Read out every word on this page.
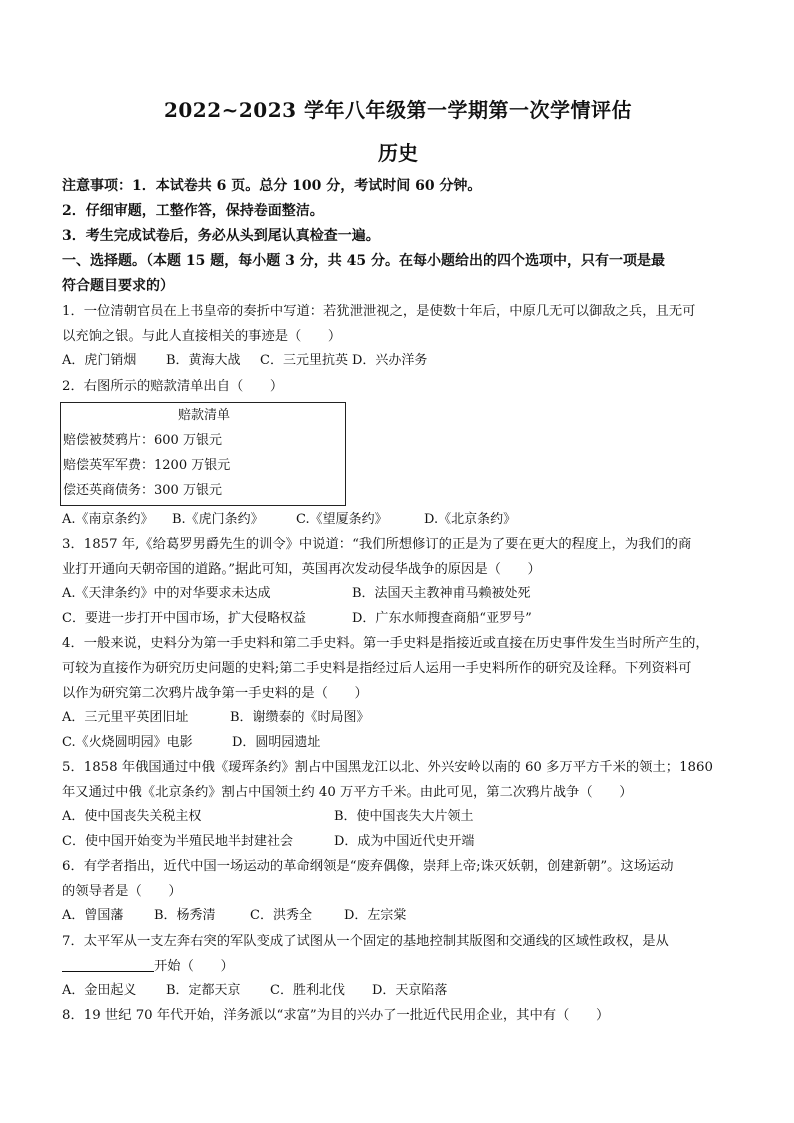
2022~2023 学年八年级第一学期第一次学情评估
历史
注意事项：1．本试卷共 6 页。总分 100 分，考试时间 60 分钟。
2．仔细审题，工整作答，保持卷面整洁。
3．考生完成试卷后，务必从头到尾认真检查一遍。
一、选择题。（本题 15 题，每小题 3 分，共 45 分。在每小题给出的四个选项中，只有一项是最
符合题目要求的）
1．一位清朝官员在上书皇帝的奏折中写道：若犹泄泄视之，是使数十年后，中原几无可以御敌之兵，且无可
以充饷之银。与此人直接相关的事迹是（　　）
A．虎门销烟	B．黄海大战	C．三元里抗英 D．兴办洋务
2．右图所示的赔款清单出自（　　）
赔款清单
赔偿被焚鸦片：600 万银元
赔偿英军军费：1200 万银元
偿还英商债务：300 万银元
A.《南京条约》	B.《虎门条约》	C.《望厦条约》	D.《北京条约》
3．1857 年,《给葛罗男爵先生的训令》中说道：“我们所想修订的正是为了要在更大的程度上，为我们的商
业打开通向天朝帝国的道路。”据此可知，英国再次发动侵华战争的原因是（　　）
A.《天津条约》中的对华要求未达成	B．法国天主教神甫马赖被处死
C．要进一步打开中国市场，扩大侵略权益	D．广东水师搜查商船“亚罗号”
4．一般来说，史料分为第一手史料和第二手史料。第一手史料是指接近或直接在历史事件发生当时所产生的，
可较为直接作为研究历史问题的史料;第二手史料是指经过后人运用一手史料所作的研究及诠释。下列资料可
以作为研究第二次鸦片战争第一手史料的是（　　）
A．三元里平英团旧址	B．谢缵泰的《时局图》
C.《火烧圆明园》电影	D．圆明园遗址
5．1858 年俄国通过中俄《瑷珲条约》割占中国黑龙江以北、外兴安岭以南的 60 多万平方千米的领土；1860
年又通过中俄《北京条约》割占中国领土约 40 万平方千米。由此可见，第二次鸦片战争（　　）
A．使中国丧失关税主权	B．使中国丧失大片领土
C．使中国开始变为半殖民地半封建社会	D．成为中国近代史开端
6．有学者指出，近代中国一场运动的革命纲领是“废弃偶像，崇拜上帝;诛灭妖朝，创建新朝”。这场运动
的领导者是（　　）
A．曾国藩	B．杨秀清	C．洪秀全	D．左宗棠
7．太平军从一支左奔右突的军队变成了试图从一个固定的基地控制其版图和交通线的区域性政权，是从
开始（　　）
A．金田起义	B．定都天京	C．胜利北伐	D．天京陷落
8．19 世纪 70 年代开始，洋务派以“求富”为目的兴办了一批近代民用企业，其中有（　　）
